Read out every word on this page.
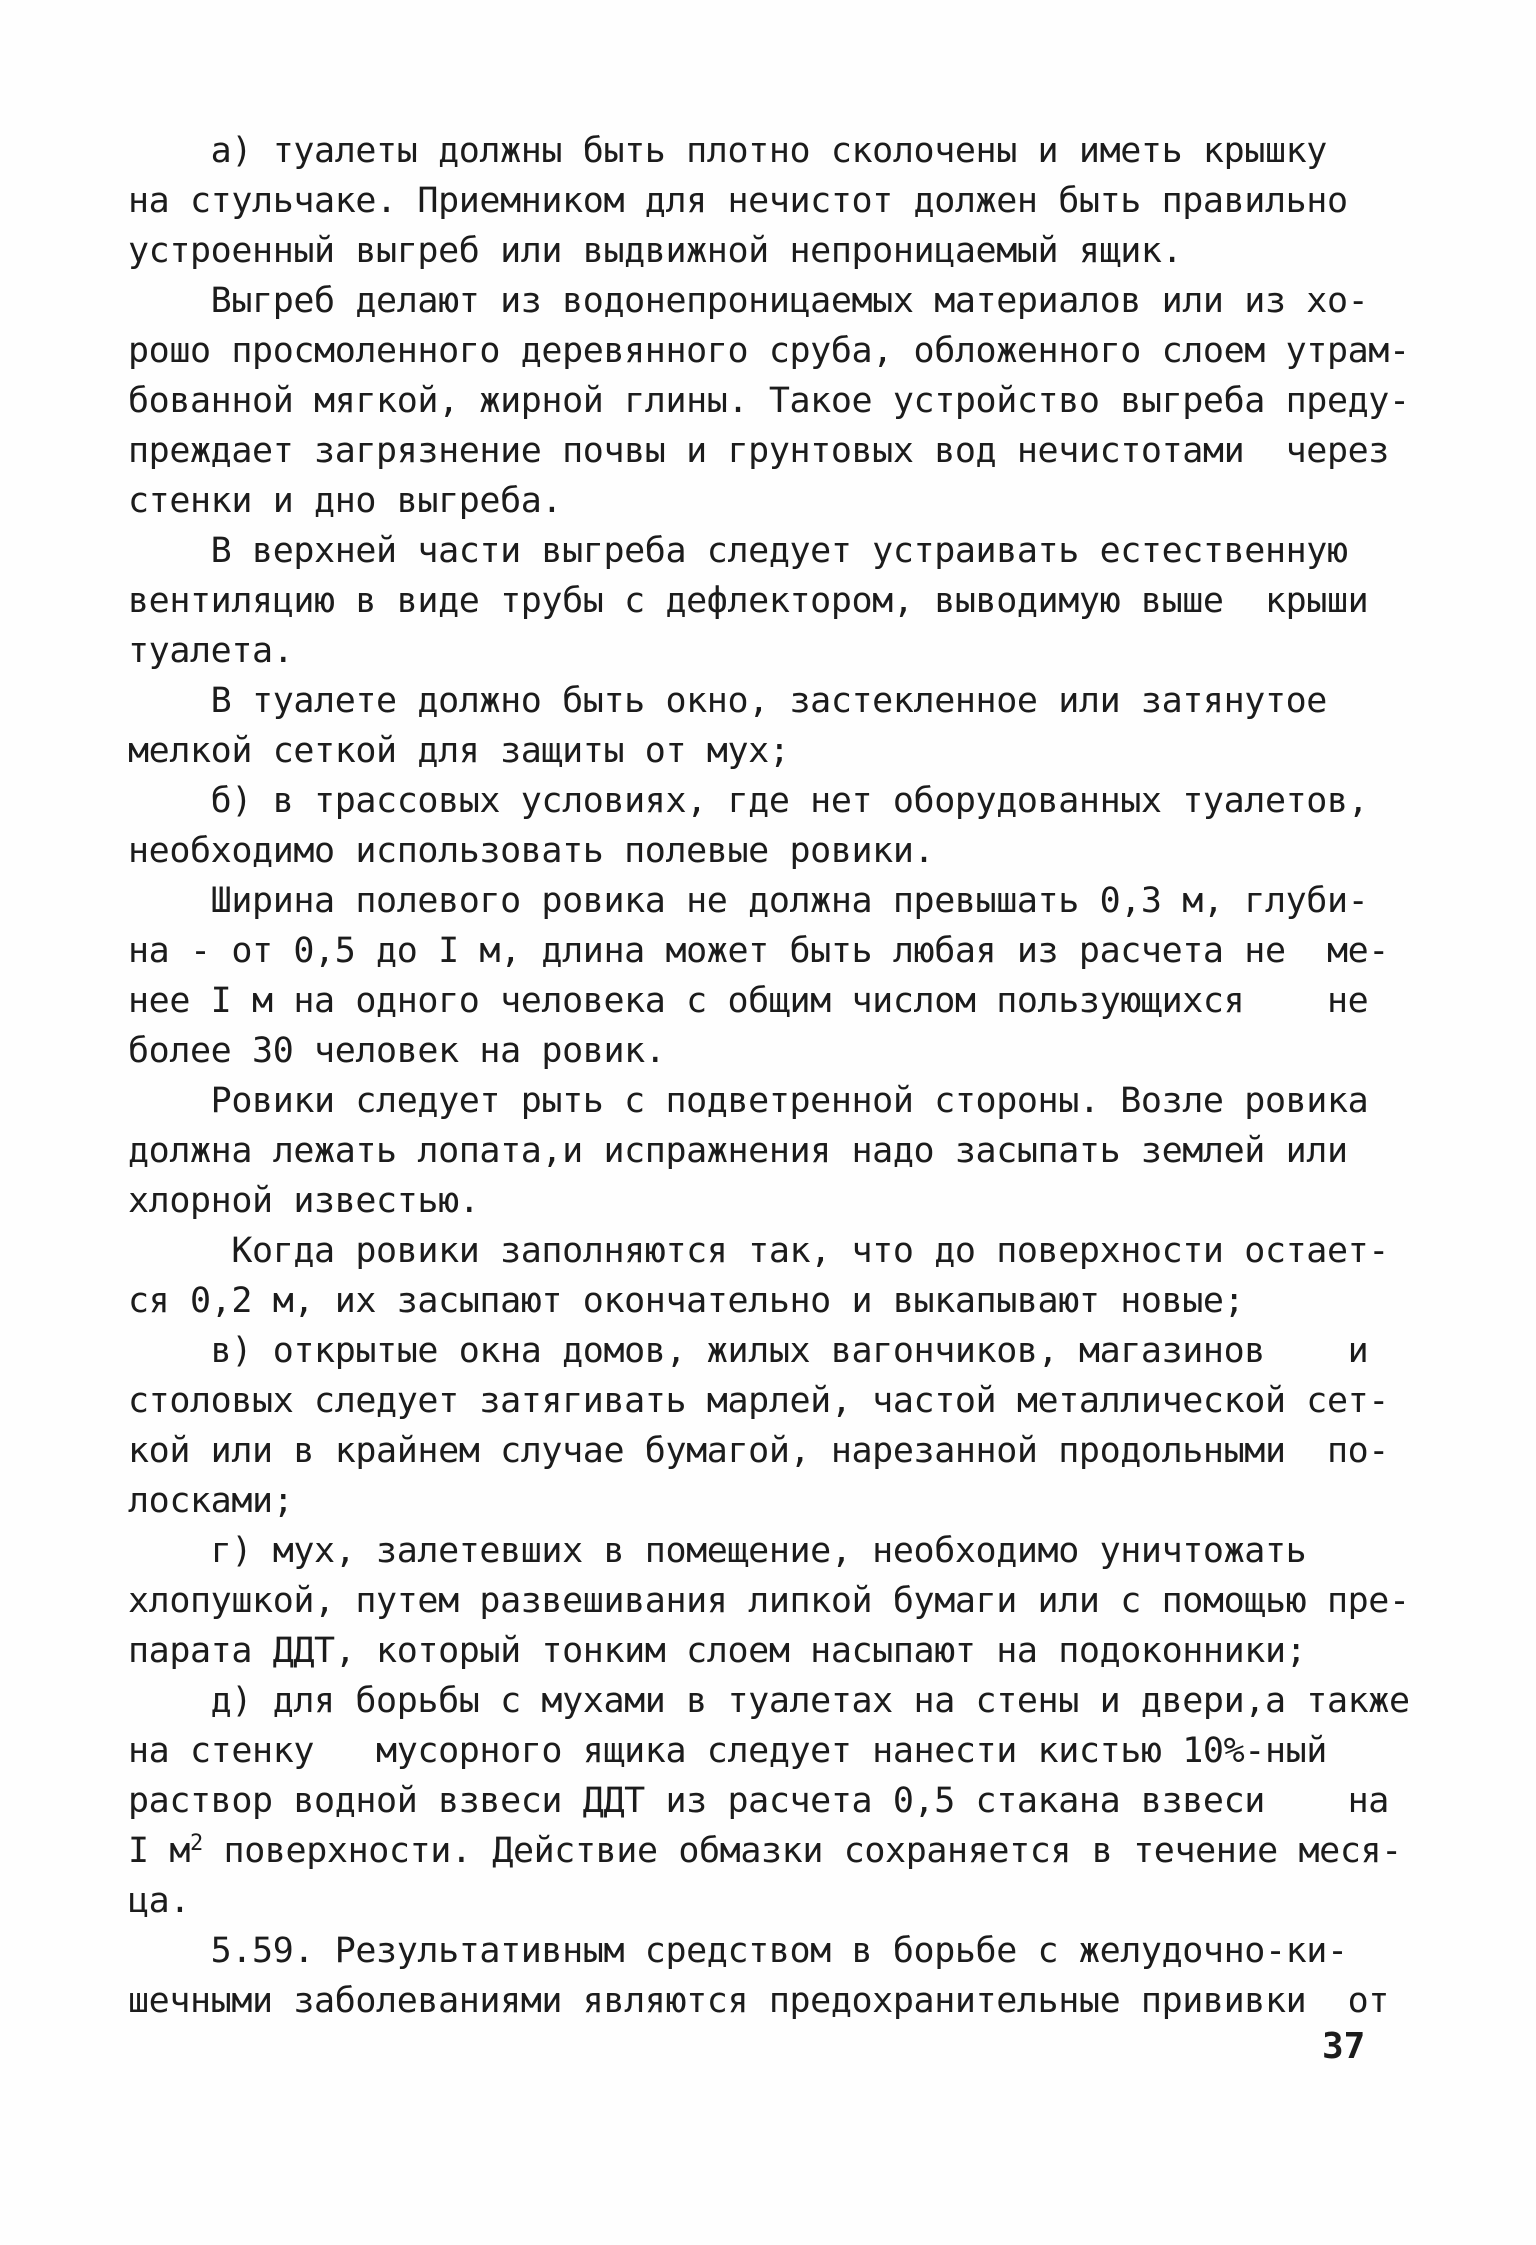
а) туалеты должны быть плотно сколочены и иметь крышку
на стульчаке. Приемником для нечистот должен быть правильно
устроенный выгреб или выдвижной непроницаемый ящик.
Выгреб делают из водонепроницаемых материалов или из хо-
рошо просмоленного деревянного сруба, обложенного слоем утрам-
бованной мягкой, жирной глины. Такое устройство выгреба преду-
преждает загрязнение почвы и грунтовых вод нечистотами  через
стенки и дно выгреба.
В верхней части выгреба следует устраивать естественную
вентиляцию в виде трубы с дефлектором, выводимую выше  крыши
туалета.
В туалете должно быть окно, застекленное или затянутое
мелкой сеткой для защиты от мух;
б) в трассовых условиях, где нет оборудованных туалетов,
необходимо использовать полевые ровики.
Ширина полевого ровика не должна превышать 0,3 м, глуби-
на - от 0,5 до I м, длина может быть любая из расчета не  ме-
нее I м на одного человека с общим числом пользующихся    не
более 30 человек на ровик.
Ровики следует рыть с подветренной стороны. Возле ровика
должна лежать лопата,и испражнения надо засыпать землей или
хлорной известью.
Когда ровики заполняются так, что до поверхности остает-
ся 0,2 м, их засыпают окончательно и выкапывают новые;
в) открытые окна домов, жилых вагончиков, магазинов    и
столовых следует затягивать марлей, частой металлической сет-
кой или в крайнем случае бумагой, нарезанной продольными  по-
лосками;
г) мух, залетевших в помещение, необходимо уничтожать
хлопушкой, путем развешивания липкой бумаги или с помощью пре-
парата ДДТ, который тонким слоем насыпают на подоконники;
д) для борьбы с мухами в туалетах на стены и двери,а также
на стенку   мусорного ящика следует нанести кистью 10%-ный
раствор водной взвеси ДДТ из расчета 0,5 стакана взвеси    на
I $м^2$ поверхности. Действие обмазки сохраняется в течение меся-
ца.
5.59. Результативным средством в борьбе с желудочно-ки-
шечными заболеваниями являются предохранительные прививки  от
37
